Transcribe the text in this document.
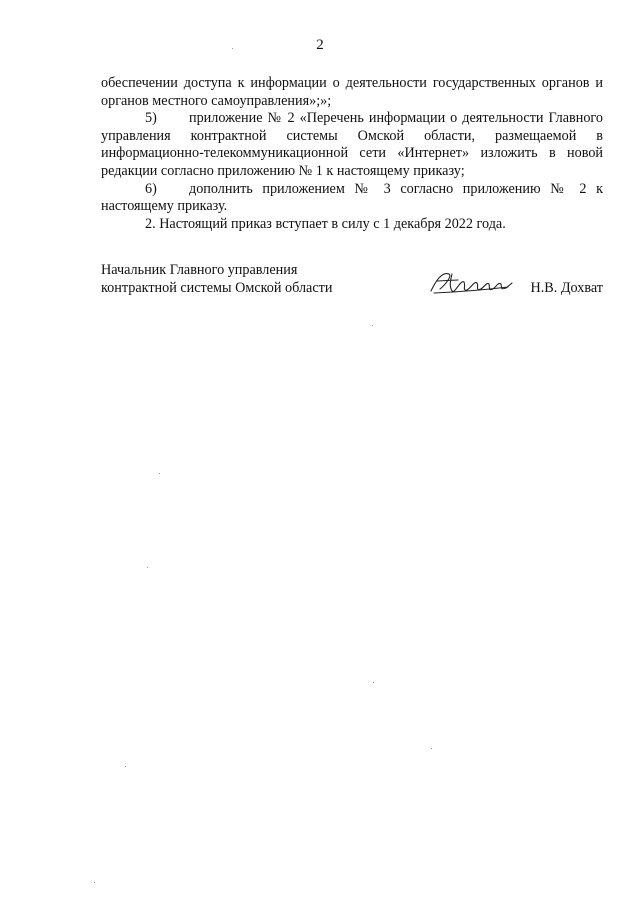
2

обеспечении доступа к информации о деятельности государственных органов и органов местного самоуправления»;»;

5) приложение № 2 «Перечень информации о деятельности Главного управления контрактной системы Омской области, размещаемой в информационно-телекоммуникационной сети «Интернет» изложить в новой редакции согласно приложению № 1 к настоящему приказу;

6) дополнить приложением № 3 согласно приложению № 2 к настоящему приказу.

2. Настоящий приказ вступает в силу с 1 декабря 2022 года.

Начальник Главного управления
контрактной системы Омской области	Н.В. Дохват
